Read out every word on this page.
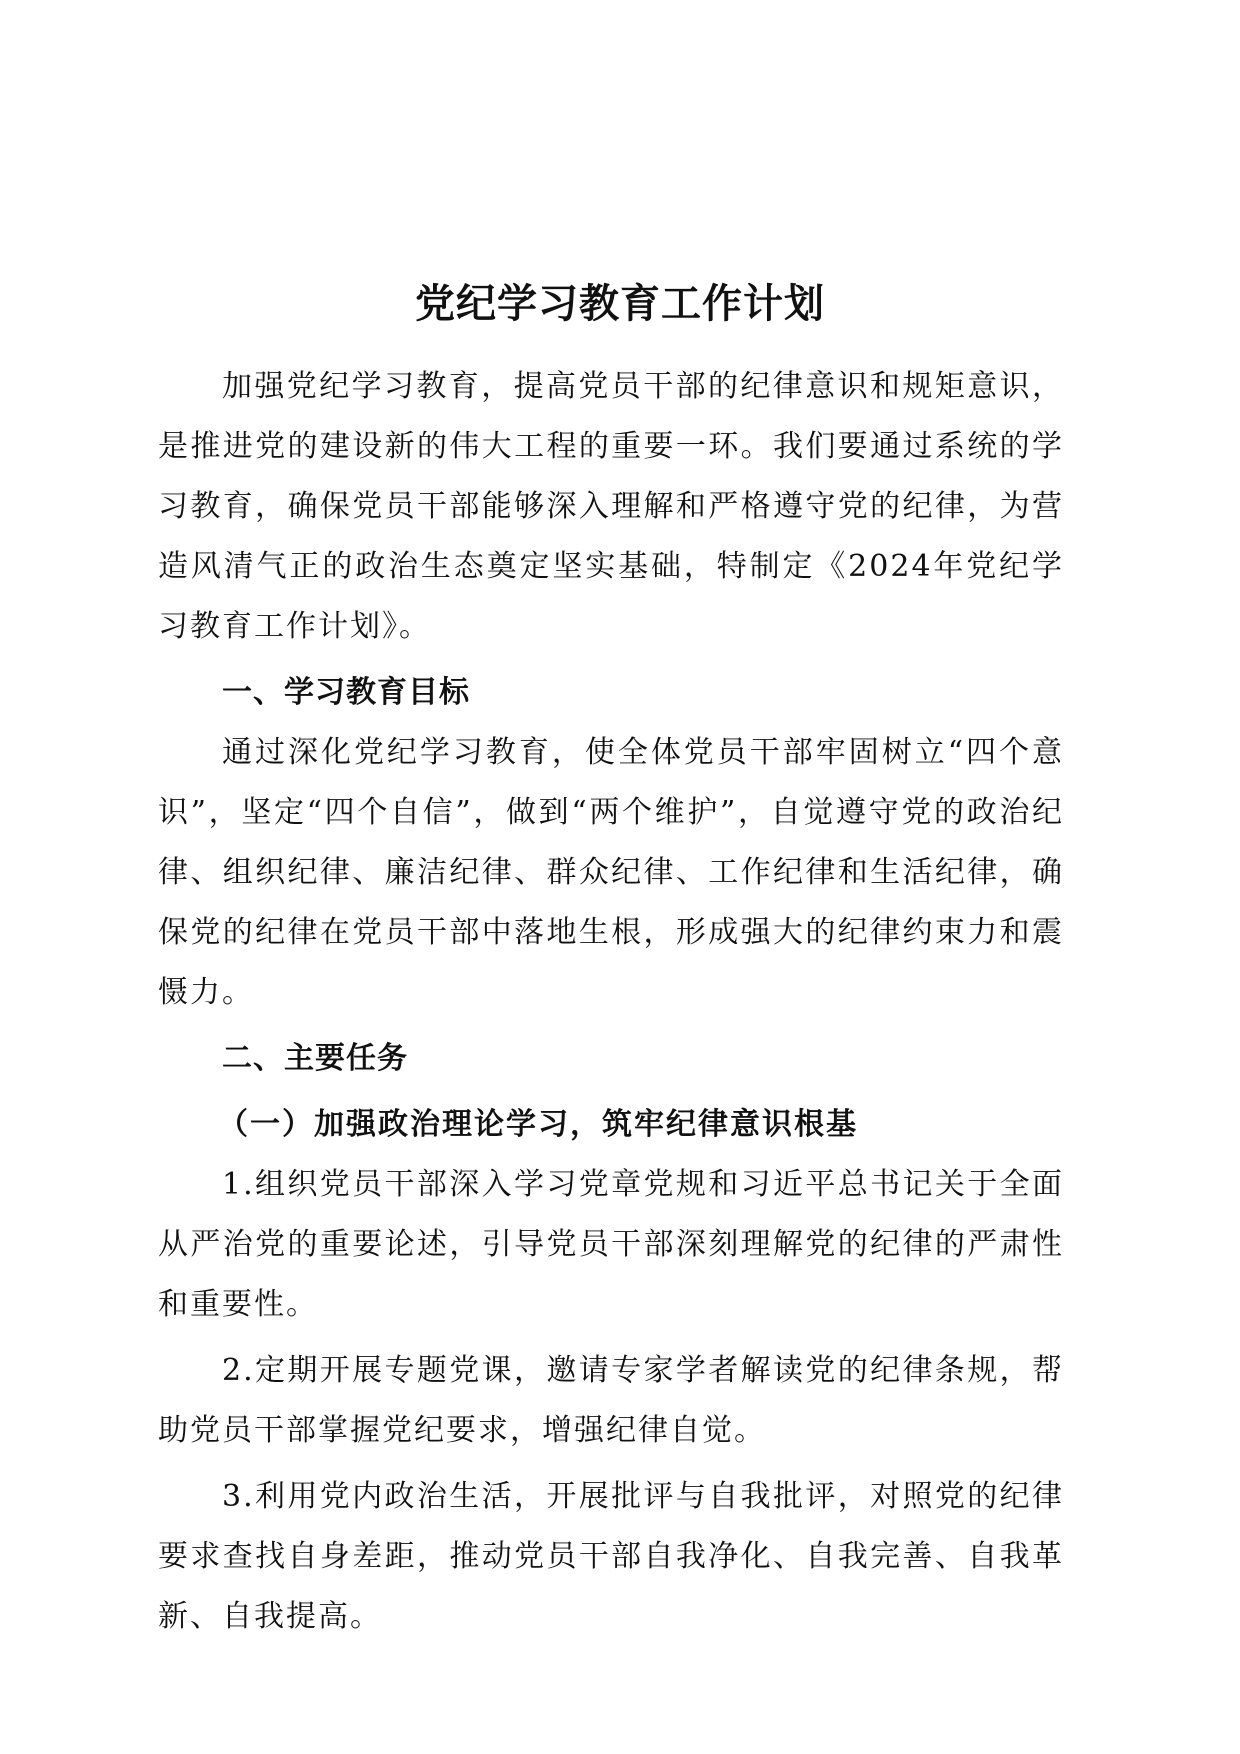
党纪学习教育工作计划

加强党纪学习教育，提高党员干部的纪律意识和规矩意识，是推进党的建设新的伟大工程的重要一环。我们要通过系统的学习教育，确保党员干部能够深入理解和严格遵守党的纪律，为营造风清气正的政治生态奠定坚实基础，特制定《2024年党纪学习教育工作计划》。

一、学习教育目标

通过深化党纪学习教育，使全体党员干部牢固树立“四个意识”，坚定“四个自信”，做到“两个维护”，自觉遵守党的政治纪律、组织纪律、廉洁纪律、群众纪律、工作纪律和生活纪律，确保党的纪律在党员干部中落地生根，形成强大的纪律约束力和震慑力。

二、主要任务

（一）加强政治理论学习，筑牢纪律意识根基

1.组织党员干部深入学习党章党规和习近平总书记关于全面从严治党的重要论述，引导党员干部深刻理解党的纪律的严肃性和重要性。

2.定期开展专题党课，邀请专家学者解读党的纪律条规，帮助党员干部掌握党纪要求，增强纪律自觉。

3.利用党内政治生活，开展批评与自我批评，对照党的纪律要求查找自身差距，推动党员干部自我净化、自我完善、自我革新、自我提高。
